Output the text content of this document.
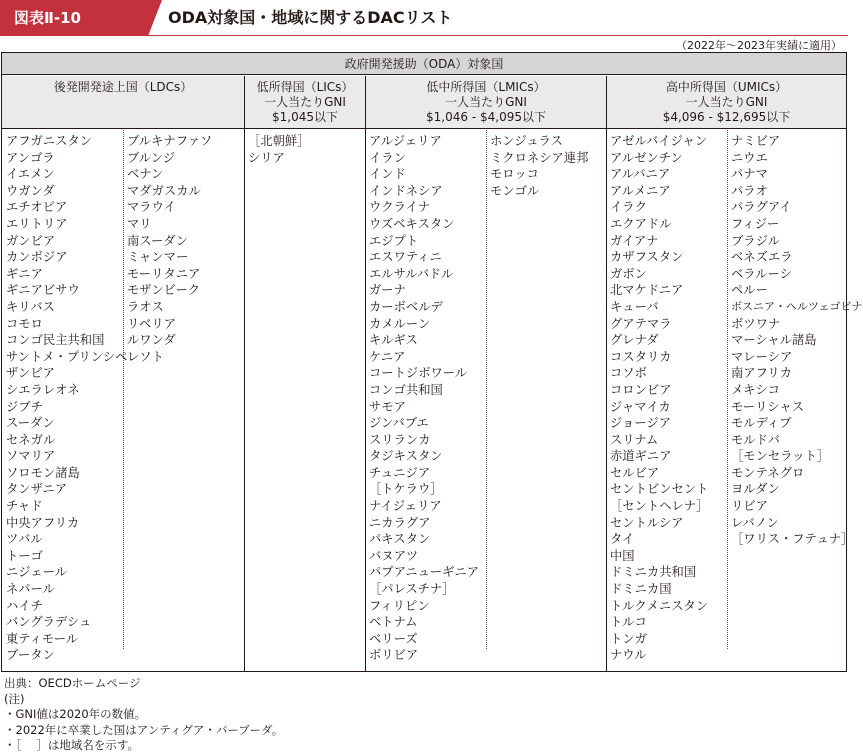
図表Ⅱ-10	ODA対象国・地域に関するDACリスト
（2022年～2023年実績に適用）
政府開発援助（ODA）対象国
後発開発途上国（LDCs）	低所得国（LICs）
一人当たりGNI
$1,045以下
低中所得国（LMICs）
一人当たりGNI
$1,046 - $4,095以下
高中所得国（UMICs）
一人当たりGNI
$4,096 - $12,695以下
アフガニスタン
アンゴラ
イエメン
ウガンダ
エチオピア
エリトリア
ガンビア
カンボジア
ギニア
ギニアビサウ
キリバス
コモロ
コンゴ民主共和国
サントメ・プリンシペ
ザンビア
シエラレオネ
ジブチ
スーダン
セネガル
ソマリア
ソロモン諸島
タンザニア
チャド
中央アフリカ
ツバル
トーゴ
ニジェール
ネパール
ハイチ
バングラデシュ
東ティモール
ブータン
ブルキナファソ
ブルンジ
ベナン
マダガスカル
マラウイ
マリ
南スーダン
ミャンマー
モーリタニア
モザンビーク
ラオス
リベリア
ルワンダ
レソト
［北朝鮮］
シリア
アルジェリア
イラン
インド
インドネシア
ウクライナ
ウズベキスタン
エジプト
エスワティニ
エルサルバドル
ガーナ
カーボベルデ
カメルーン
キルギス
ケニア
コートジボワール
コンゴ共和国
サモア
ジンバブエ
スリランカ
タジキスタン
チュニジア
［トケラウ］
ナイジェリア
ニカラグア
パキスタン
バヌアツ
パプアニューギニア
［パレスチナ］
フィリピン
ベトナム
ベリーズ
ボリビア
ホンジュラス
ミクロネシア連邦
モロッコ
モンゴル
アゼルバイジャン
アルゼンチン
アルバニア
アルメニア
イラク
エクアドル
ガイアナ
カザフスタン
ガボン
北マケドニア
キューバ
グアテマラ
グレナダ
コスタリカ
コソボ
コロンビア
ジャマイカ
ジョージア
スリナム
赤道ギニア
セルビア
セントビンセント
［セントヘレナ］
セントルシア
タイ
中国
ドミニカ共和国
ドミニカ国
トルクメニスタン
トルコ
トンガ
ナウル
ナミビア
ニウエ
パナマ
パラオ
パラグアイ
フィジー
ブラジル
ベネズエラ
ベラルーシ
ペルー
ボスニア・ヘルツェゴビナ
ボツワナ
マーシャル諸島
マレーシア
南アフリカ
メキシコ
モーリシャス
モルディブ
モルドバ
［モンセラット］
モンテネグロ
ヨルダン
リビア
レバノン
［ワリス・フテュナ］
出典：OECDホームページ
(注)
・GNI値は2020年の数値。
・2022年に卒業した国はアンティグア・バーブーダ。
・［　 ］は地域名を示す。
